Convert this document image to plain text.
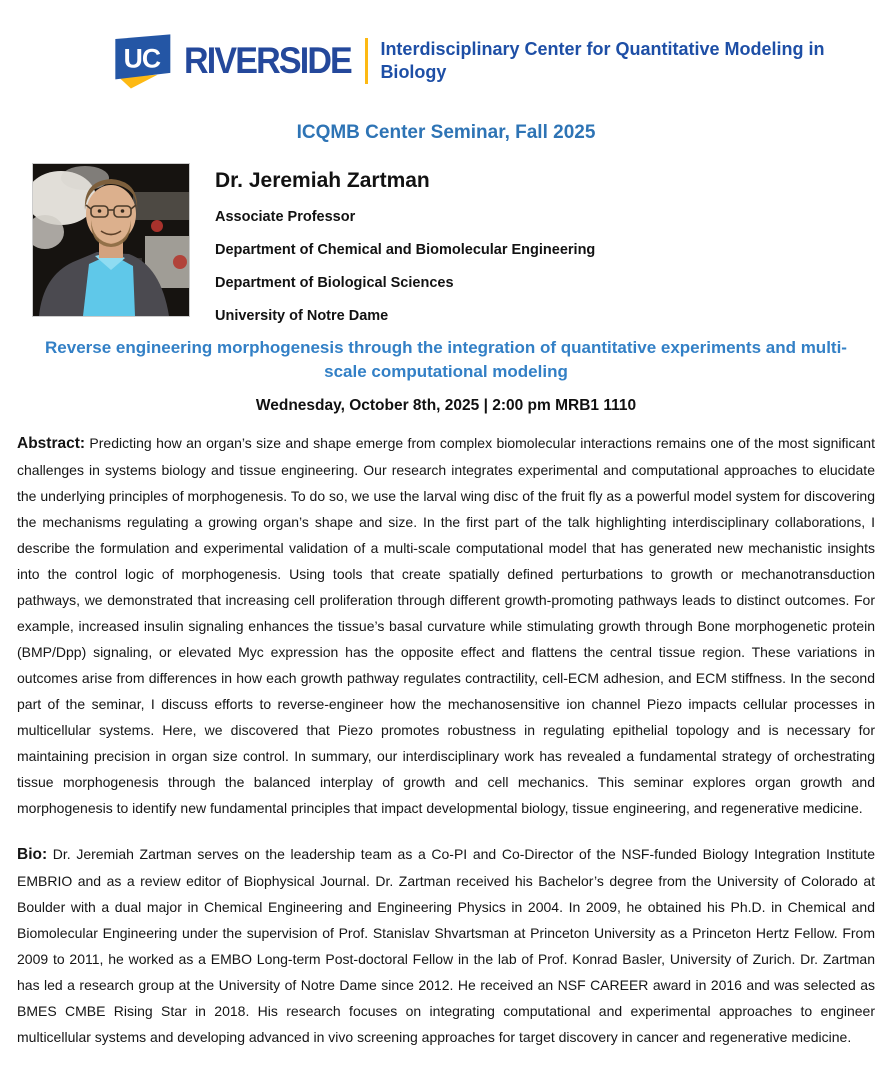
UC RIVERSIDE Interdisciplinary Center for Quantitative Modeling in Biology
ICQMB Center Seminar, Fall 2025
Dr. Jeremiah Zartman
Associate Professor
Department of Chemical and Biomolecular Engineering
Department of Biological Sciences
University of Notre Dame
Reverse engineering morphogenesis through the integration of quantitative experiments and multi-scale computational modeling
Wednesday, October 8th, 2025 | 2:00 pm MRB1 1110

Abstract: Predicting how an organ’s size and shape emerge from complex biomolecular interactions remains one of the most significant challenges in systems biology and tissue engineering. Our research integrates experimental and computational approaches to elucidate the underlying principles of morphogenesis. To do so, we use the larval wing disc of the fruit fly as a powerful model system for discovering the mechanisms regulating a growing organ’s shape and size. In the first part of the talk highlighting interdisciplinary collaborations, I describe the formulation and experimental validation of a multi-scale computational model that has generated new mechanistic insights into the control logic of morphogenesis. Using tools that create spatially defined perturbations to growth or mechanotransduction pathways, we demonstrated that increasing cell proliferation through different growth-promoting pathways leads to distinct outcomes. For example, increased insulin signaling enhances the tissue’s basal curvature while stimulating growth through Bone morphogenetic protein (BMP/Dpp) signaling, or elevated Myc expression has the opposite effect and flattens the central tissue region. These variations in outcomes arise from differences in how each growth pathway regulates contractility, cell-ECM adhesion, and ECM stiffness. In the second part of the seminar, I discuss efforts to reverse-engineer how the mechanosensitive ion channel Piezo impacts cellular processes in multicellular systems. Here, we discovered that Piezo promotes robustness in regulating epithelial topology and is necessary for maintaining precision in organ size control. In summary, our interdisciplinary work has revealed a fundamental strategy of orchestrating tissue morphogenesis through the balanced interplay of growth and cell mechanics. This seminar explores organ growth and morphogenesis to identify new fundamental principles that impact developmental biology, tissue engineering, and regenerative medicine.

Bio: Dr. Jeremiah Zartman serves on the leadership team as a Co-PI and Co-Director of the NSF-funded Biology Integration Institute EMBRIO and as a review editor of Biophysical Journal. Dr. Zartman received his Bachelor’s degree from the University of Colorado at Boulder with a dual major in Chemical Engineering and Engineering Physics in 2004. In 2009, he obtained his Ph.D. in Chemical and Biomolecular Engineering under the supervision of Prof. Stanislav Shvartsman at Princeton University as a Princeton Hertz Fellow. From 2009 to 2011, he worked as a EMBO Long-term Post-doctoral Fellow in the lab of Prof. Konrad Basler, University of Zurich. Dr. Zartman has led a research group at the University of Notre Dame since 2012. He received an NSF CAREER award in 2016 and was selected as BMES CMBE Rising Star in 2018. His research focuses on integrating computational and experimental approaches to engineer multicellular systems and developing advanced in vivo screening approaches for target discovery in cancer and regenerative medicine.
